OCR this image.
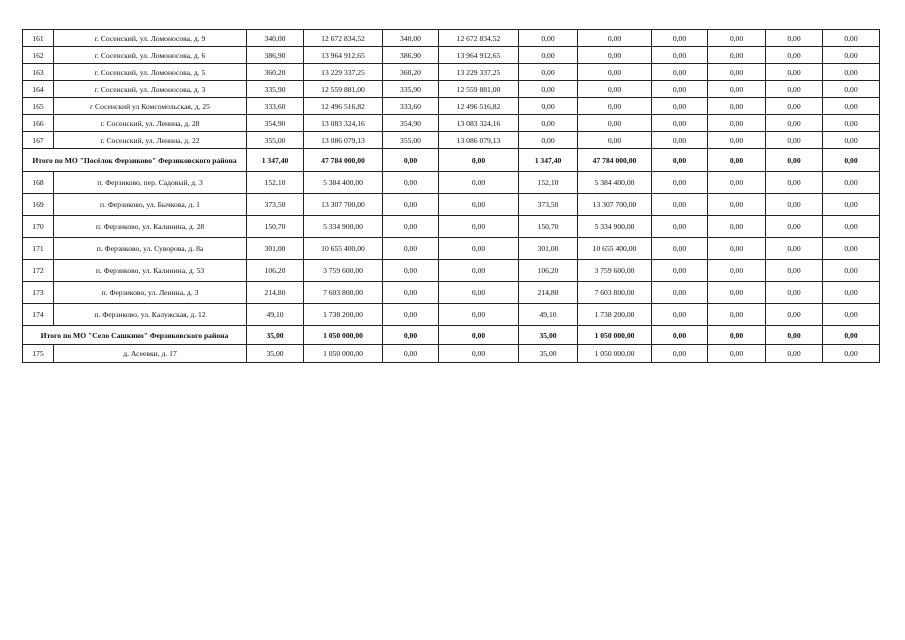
161	г. Сосенский, ул. Ломоносова, д. 9	340,00	12 672 834,52	340,00	12 672 834,52	0,00	0,00	0,00	0,00	0,00	0,00
162	г. Сосенский, ул. Ломоносова, д. 6	386,90	13 964 912,65	386,90	13 964 912,65	0,00	0,00	0,00	0,00	0,00	0,00
163	г. Сосенский, ул. Ломоносова, д. 5	360,20	13 229 337,25	360,20	13 229 337,25	0,00	0,00	0,00	0,00	0,00	0,00
164	г. Сосенский, ул. Ломоносова, д. 3	335,90	12 559 881,00	335,90	12 559 881,00	0,00	0,00	0,00	0,00	0,00	0,00
165	г Сосенский ул Комсомольская, д. 25	333,60	12 496 516,82	333,60	12 496 516,82	0,00	0,00	0,00	0,00	0,00	0,00
166	г. Сосенский, ул. Ленина, д. 28	354,90	13 083 324,16	354,90	13 083 324,16	0,00	0,00	0,00	0,00	0,00	0,00
167	г. Сосенский, ул. Ленина, д. 22	355,00	13 086 079,13	355,00	13 086 079,13	0,00	0,00	0,00	0,00	0,00	0,00
Итого по МО "Посёлок Ферзиково" Ферзиковского района		1 347,40	47 784 000,00	0,00	0,00	1 347,40	47 784 000,00	0,00	0,00	0,00	0,00
168	п. Ферзиково, пер. Садовый, д. 3	152,10	5 384 400,00	0,00	0,00	152,10	5 384 400,00	0,00	0,00	0,00	0,00
169	п. Ферзиково, ул. Бычкова, д. 1	373,50	13 307 700,00	0,00	0,00	373,50	13 307 700,00	0,00	0,00	0,00	0,00
170	п. Ферзиково, ул. Калинина, д. 28	150,70	5 334 900,00	0,00	0,00	150,70	5 334 900,00	0,00	0,00	0,00	0,00
171	п. Ферзиково, ул. Суворова, д. 8а	301,00	10 655 400,00	0,00	0,00	301,00	10 655 400,00	0,00	0,00	0,00	0,00
172	п. Ферзиково, ул. Калинина, д. 53	106,20	3 759 600,00	0,00	0,00	106,20	3 759 600,00	0,00	0,00	0,00	0,00
173	п. Ферзиково, ул. Ленина, д. 3	214,80	7 603 800,00	0,00	0,00	214,80	7 603 800,00	0,00	0,00	0,00	0,00
174	п. Ферзиково, ул. Калужская, д. 12	49,10	1 738 200,00	0,00	0,00	49,10	1 738 200,00	0,00	0,00	0,00	0,00
Итого по МО "Село Сашкино" Ферзиковского района		35,00	1 050 000,00	0,00	0,00	35,00	1 050 000,00	0,00	0,00	0,00	0,00
175	д. Асеевки, д. 17	35,00	1 050 000,00	0,00	0,00	35,00	1 050 000,00	0,00	0,00	0,00	0,00
